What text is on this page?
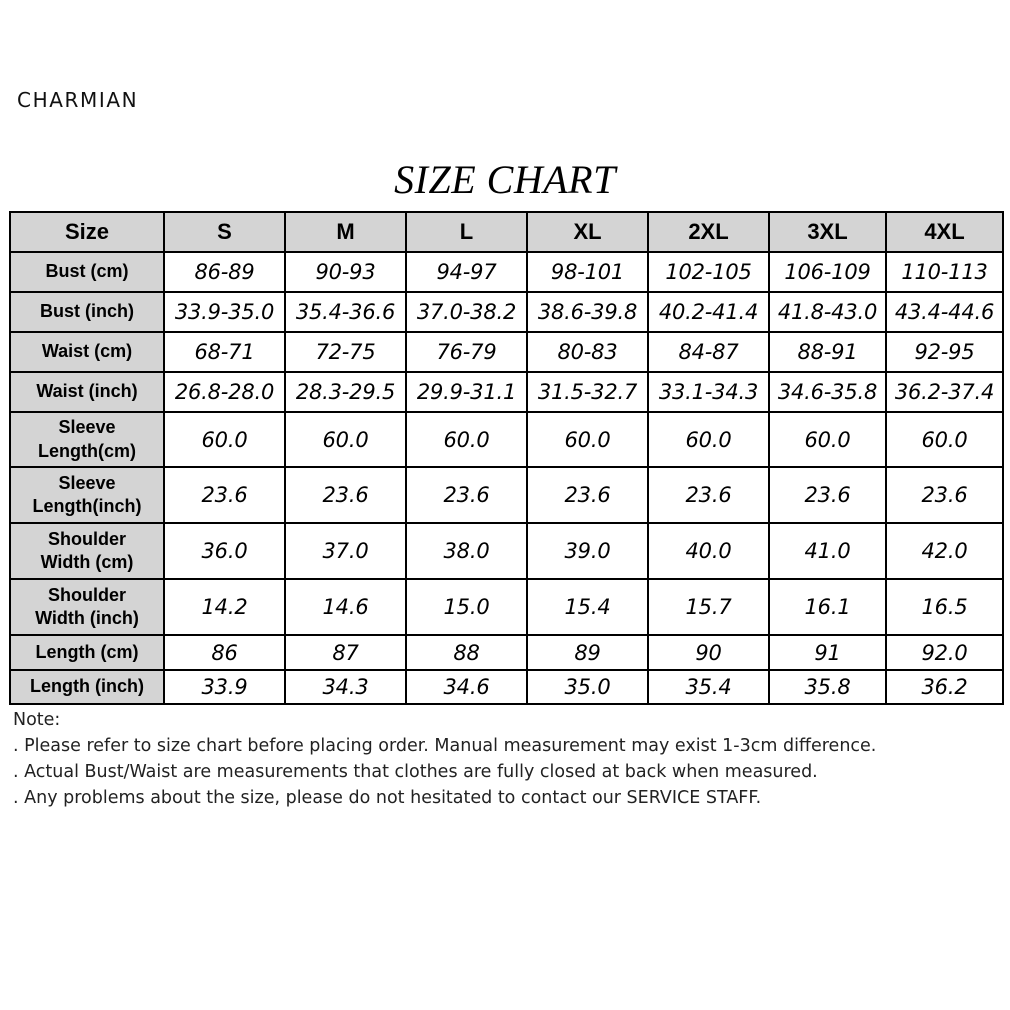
CHARMIAN
SIZE CHART
Size	S	M	L	XL	2XL	3XL	4XL

Bust (cm)	86-89	90-93	94-97	98-101	102-105	106-109	110-113

Bust (inch)	33.9-35.0	35.4-36.6	37.0-38.2	38.6-39.8	40.2-41.4	41.8-43.0	43.4-44.6

Waist (cm)	68-71	72-75	76-79	80-83	84-87	88-91	92-95

Waist (inch)	26.8-28.0	28.3-29.5	29.9-31.1	31.5-32.7	33.1-34.3	34.6-35.8	36.2-37.4

Sleeve
Length(cm)	60.0	60.0	60.0	60.0	60.0	60.0	60.0

Sleeve
Length(inch)	23.6	23.6	23.6	23.6	23.6	23.6	23.6

Shoulder
Width (cm)	36.0	37.0	38.0	39.0	40.0	41.0	42.0

Shoulder
Width (inch)	14.2	14.6	15.0	15.4	15.7	16.1	16.5

Length (cm)	86	87	88	89	90	91	92.0

Length (inch)	33.9	34.3	34.6	35.0	35.4	35.8	36.2
Note:
. Please refer to size chart before placing order. Manual measurement may exist 1-3cm difference.
. Actual Bust/Waist are measurements that clothes are fully closed at back when measured.
. Any problems about the size, please do not hesitated to contact our SERVICE STAFF.
